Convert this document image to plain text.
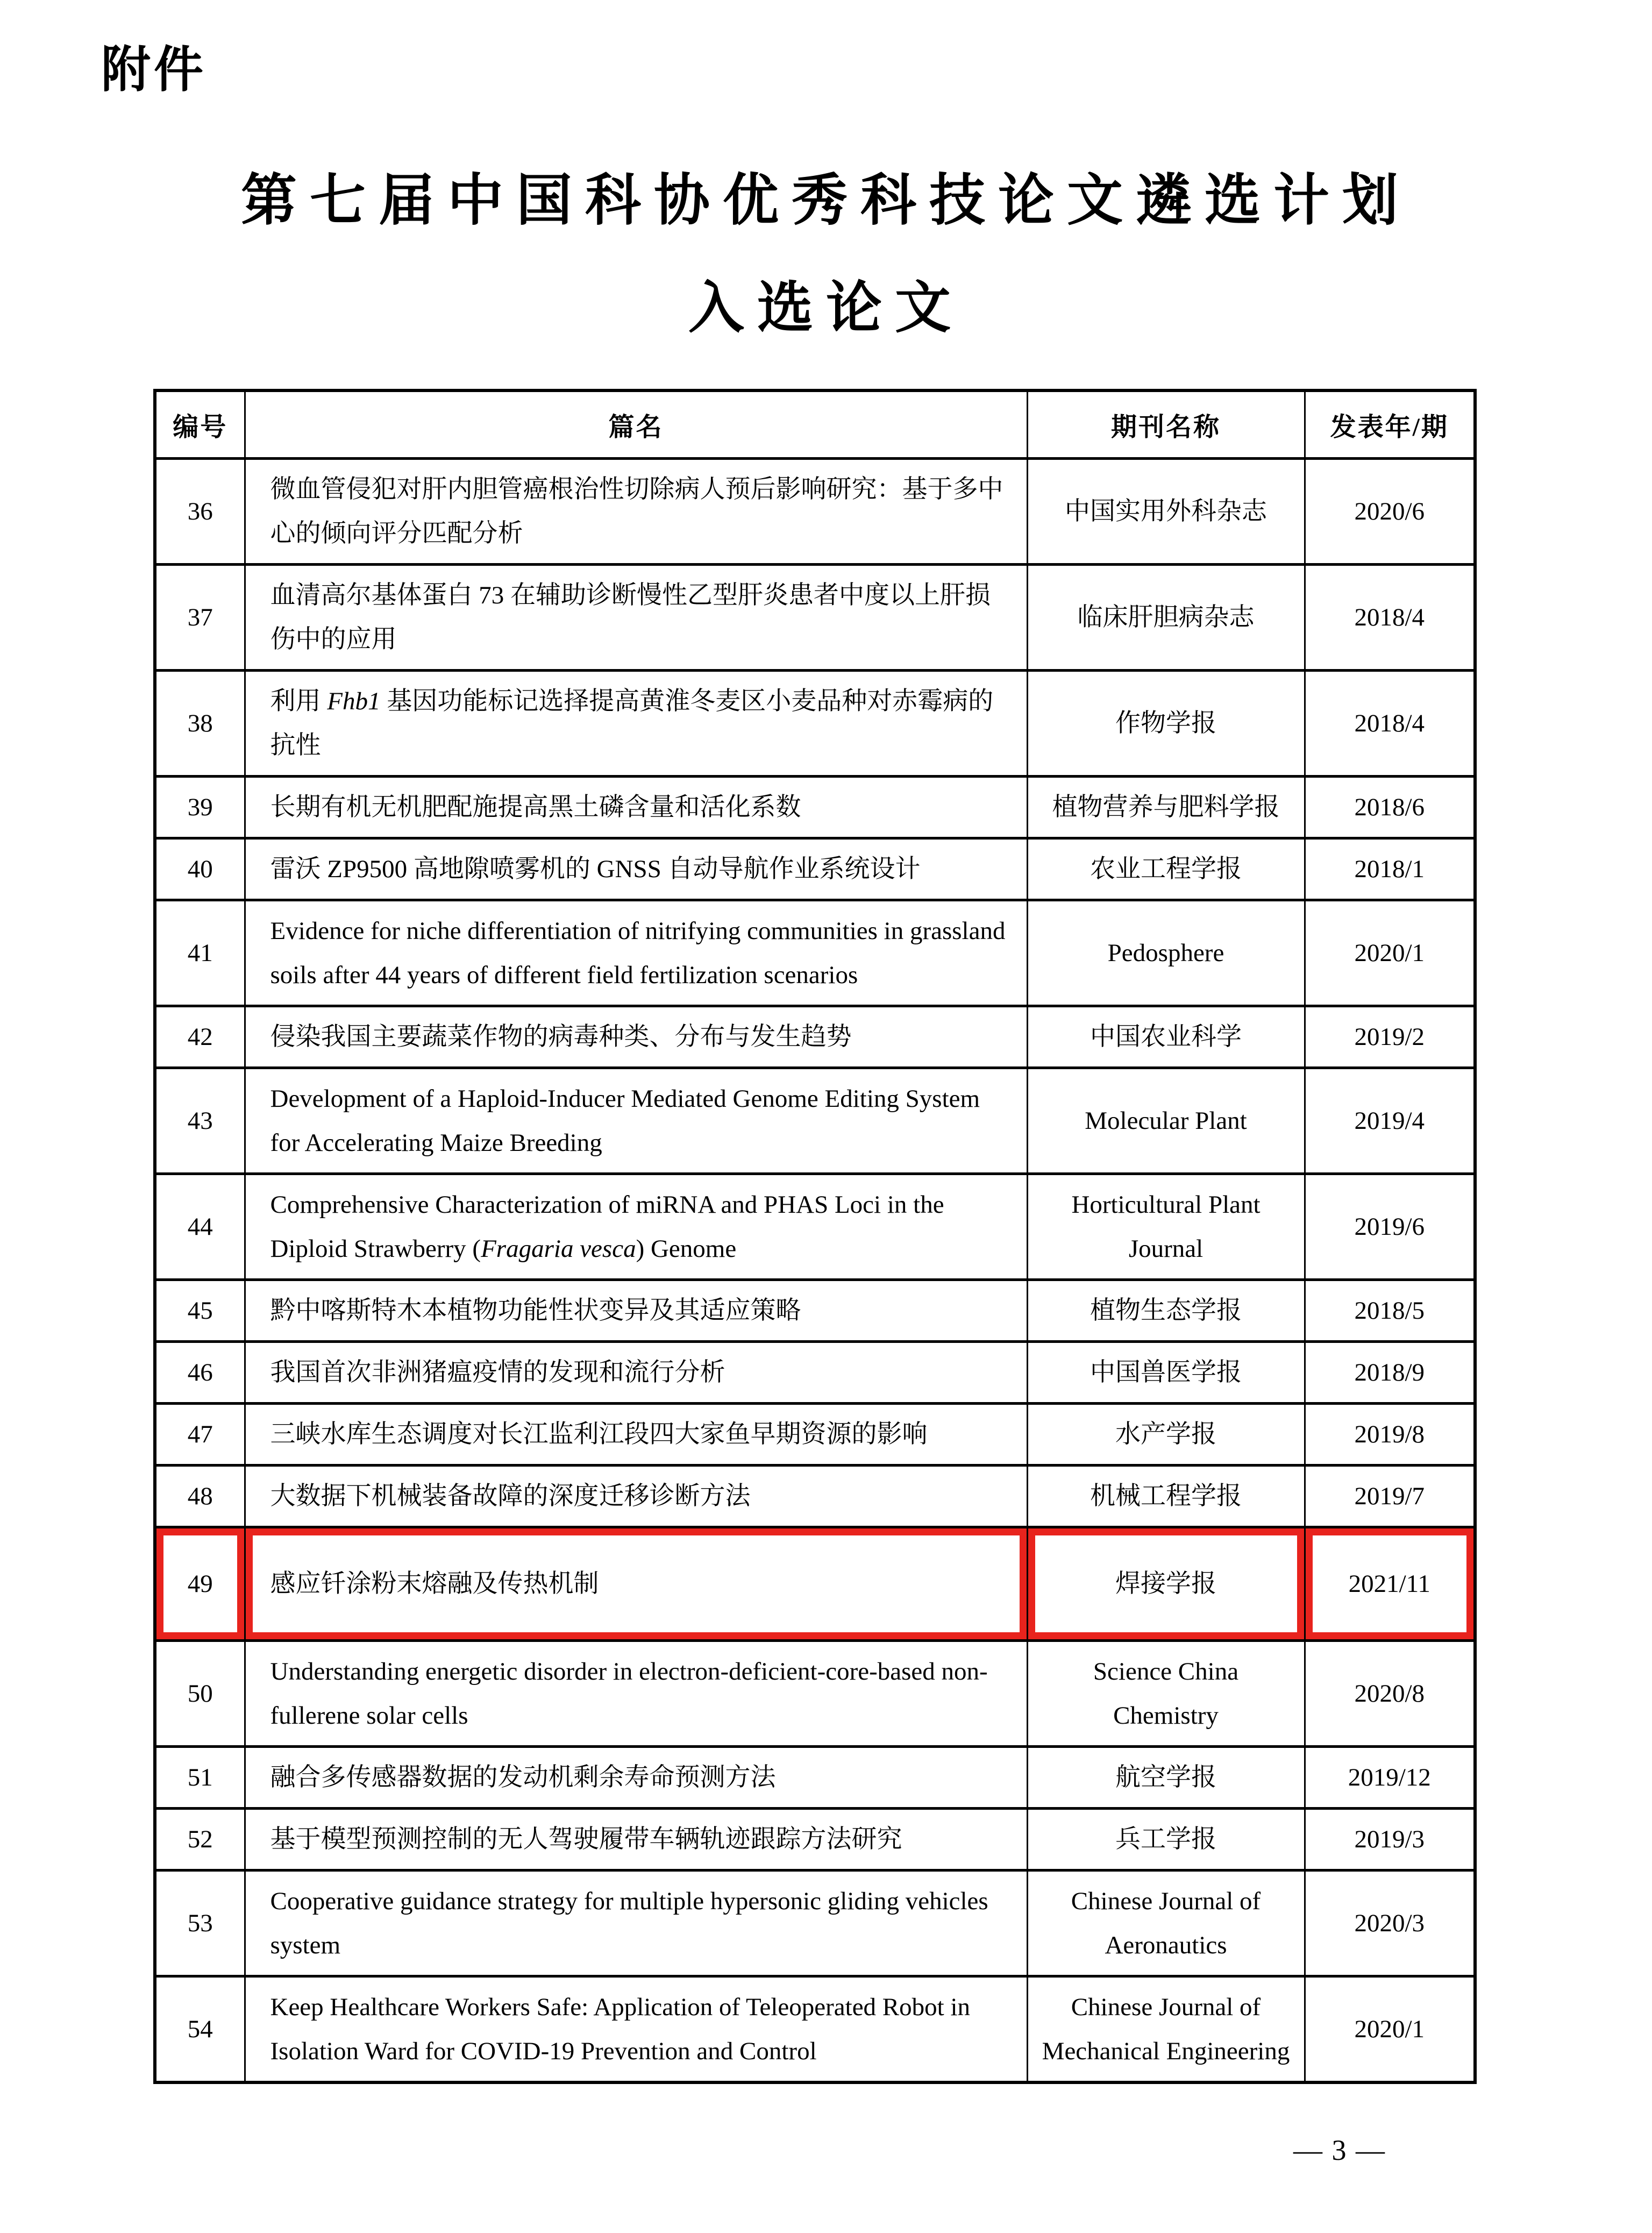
附件
第七届中国科协优秀科技论文遴选计划
入选论文
编号	篇名	期刊名称	发表年/期
36	微血管侵犯对肝内胆管癌根治性切除病人预后影响研究：基于多中心的倾向评分匹配分析	中国实用外科杂志	2020/6
37	血清高尔基体蛋白 73 在辅助诊断慢性乙型肝炎患者中度以上肝损伤中的应用	临床肝胆病杂志	2018/4
38	利用 Fhb1 基因功能标记选择提高黄淮冬麦区小麦品种对赤霉病的抗性	作物学报	2018/4
39	长期有机无机肥配施提高黑土磷含量和活化系数	植物营养与肥料学报	2018/6
40	雷沃 ZP9500 高地隙喷雾机的 GNSS 自动导航作业系统设计	农业工程学报	2018/1
41	Evidence for niche differentiation of nitrifying communities in grassland soils after 44 years of different field fertilization scenarios	Pedosphere	2020/1
42	侵染我国主要蔬菜作物的病毒种类、分布与发生趋势	中国农业科学	2019/2
43	Development of a Haploid-Inducer Mediated Genome Editing System for Accelerating Maize Breeding	Molecular Plant	2019/4
44	Comprehensive Characterization of miRNA and PHAS Loci in the Diploid Strawberry (Fragaria vesca) Genome	Horticultural Plant Journal	2019/6
45	黔中喀斯特木本植物功能性状变异及其适应策略	植物生态学报	2018/5
46	我国首次非洲猪瘟疫情的发现和流行分析	中国兽医学报	2018/9
47	三峡水库生态调度对长江监利江段四大家鱼早期资源的影响	水产学报	2019/8
48	大数据下机械装备故障的深度迁移诊断方法	机械工程学报	2019/7
49	感应钎涂粉末熔融及传热机制	焊接学报	2021/11
50	Understanding energetic disorder in electron-deficient-core-based non-fullerene solar cells	Science China Chemistry	2020/8
51	融合多传感器数据的发动机剩余寿命预测方法	航空学报	2019/12
52	基于模型预测控制的无人驾驶履带车辆轨迹跟踪方法研究	兵工学报	2019/3
53	Cooperative guidance strategy for multiple hypersonic gliding vehicles system	Chinese Journal of Aeronautics	2020/3
54	Keep Healthcare Workers Safe: Application of Teleoperated Robot in Isolation Ward for COVID-19 Prevention and Control	Chinese Journal of Mechanical Engineering	2020/1
— 3 —
